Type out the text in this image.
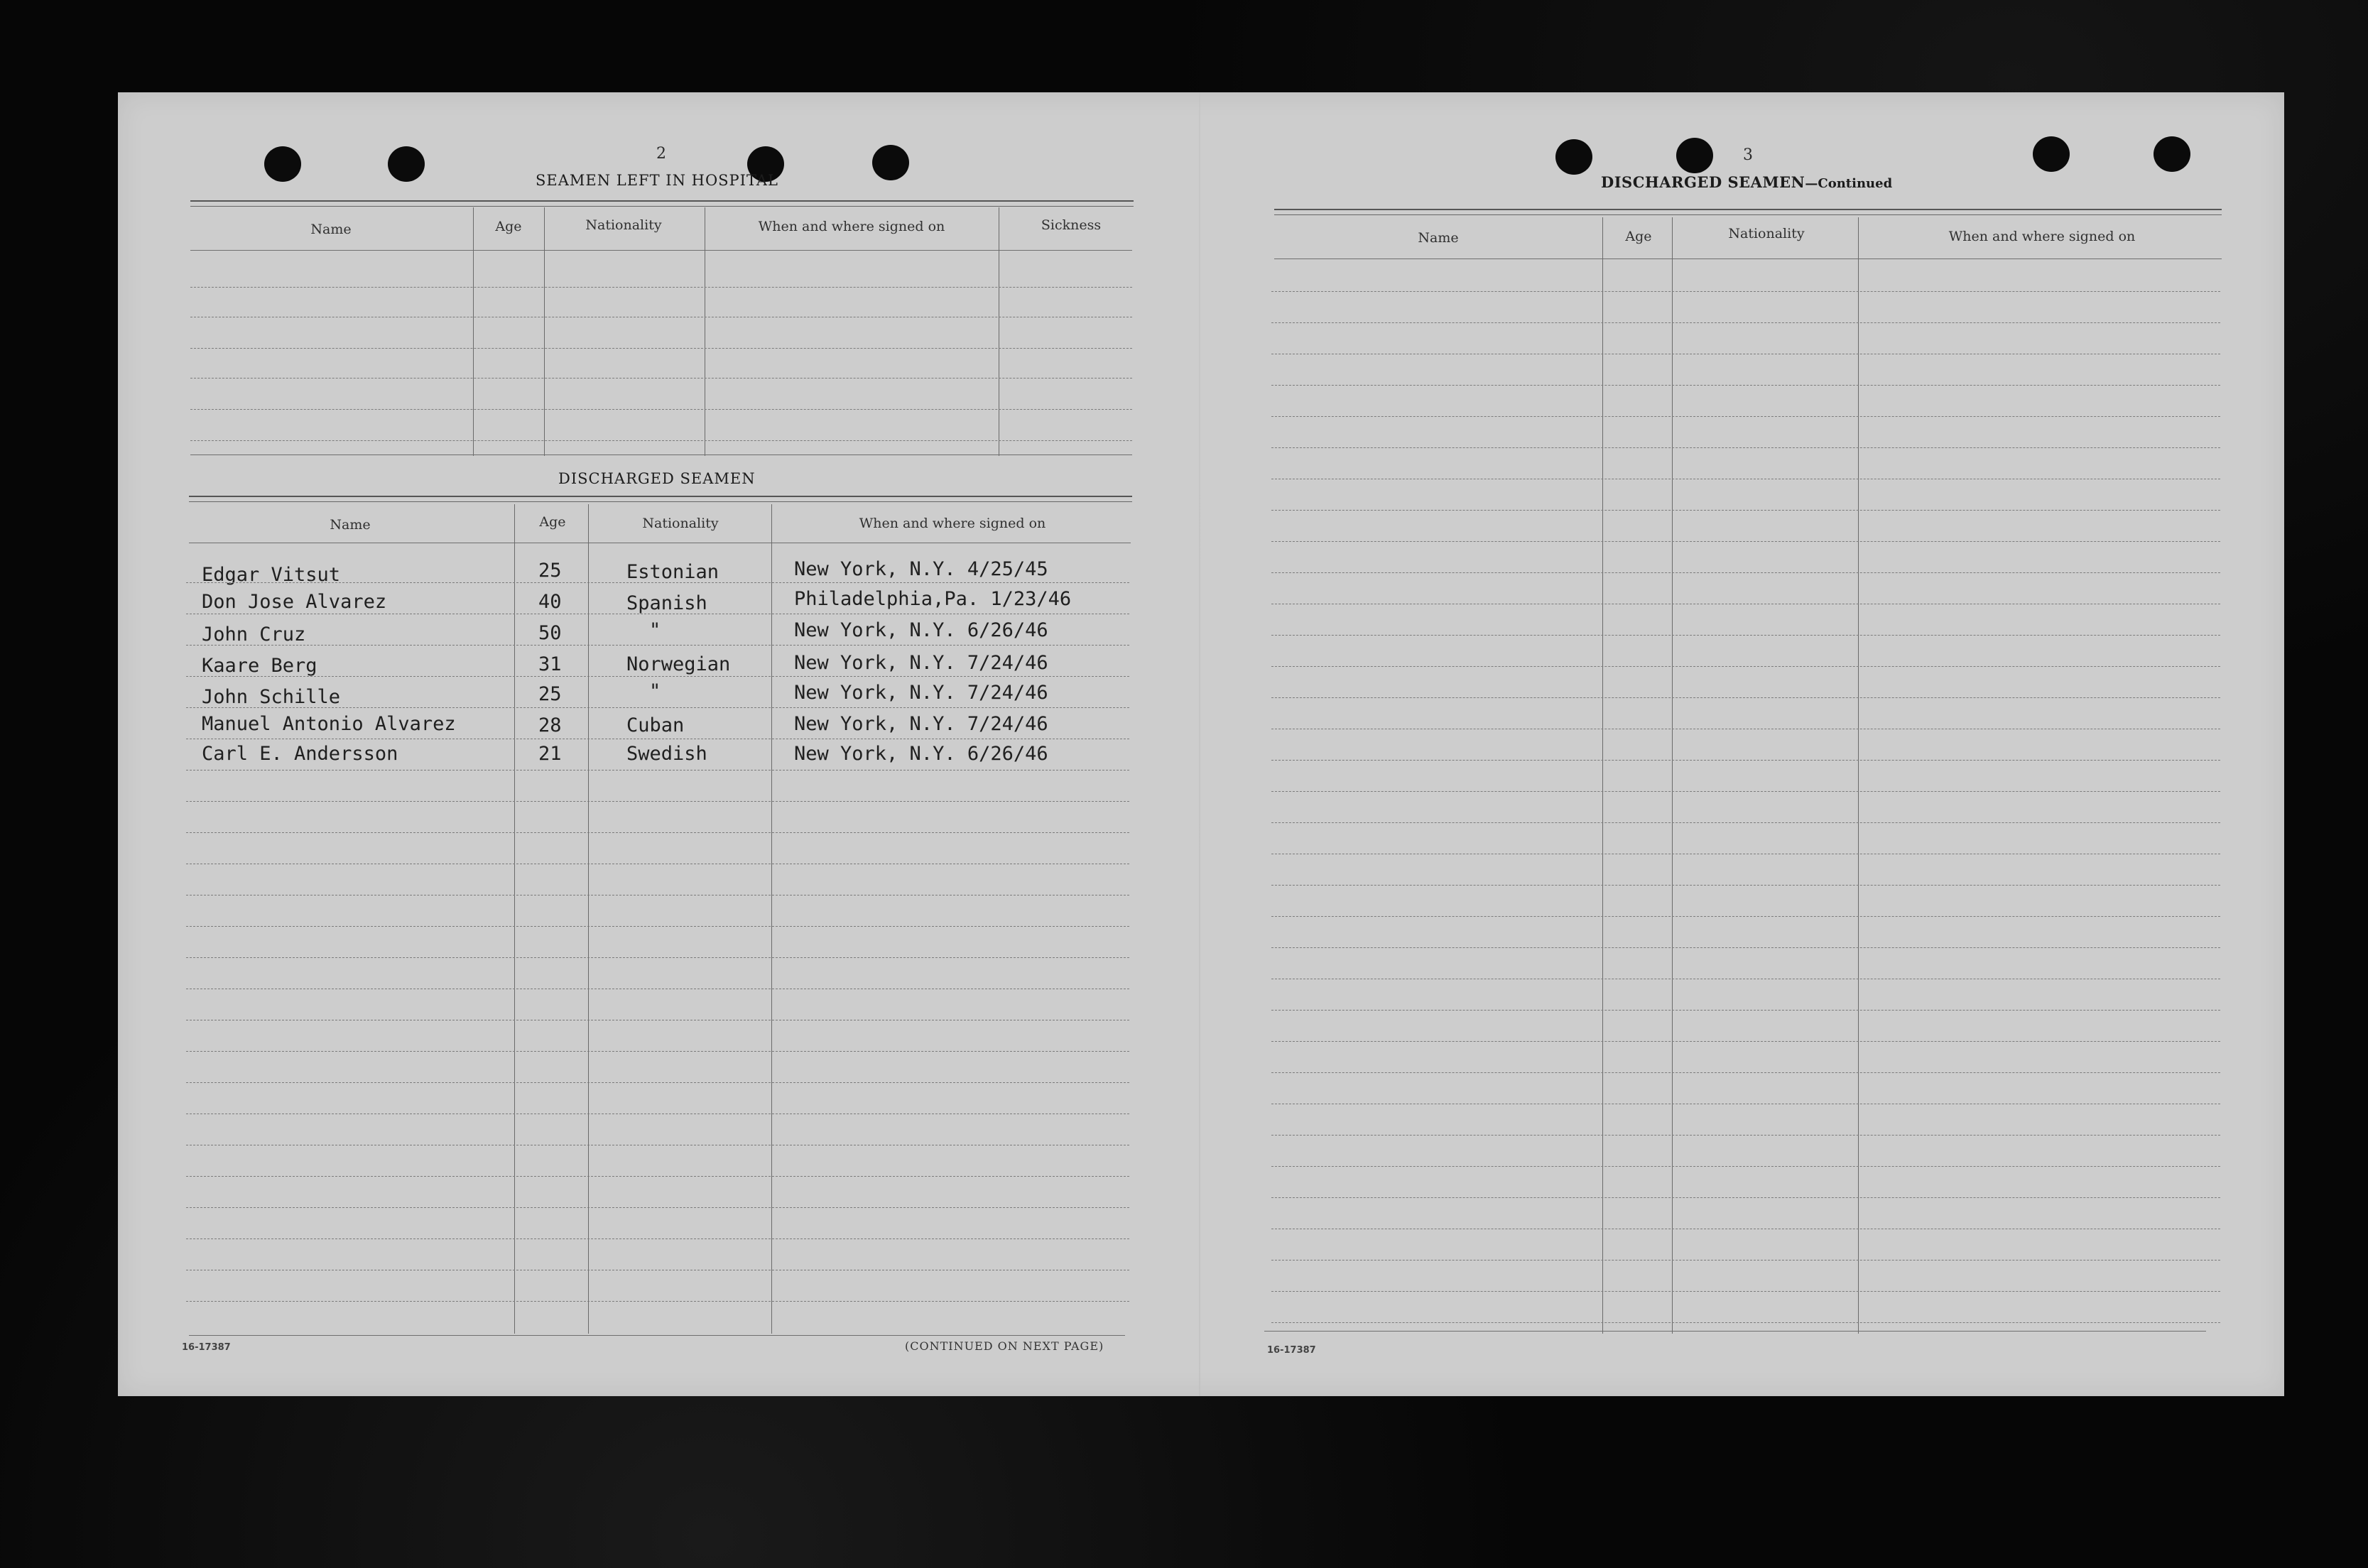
2
SEAMEN LEFT IN HOSPITAL
Name	Age	Nationality	When and where signed on	Sickness
DISCHARGED SEAMEN
Name	Age	Nationality	When and where signed on
Edgar Vitsut	25	Estonian	New York, N.Y. 4/25/45
Don Jose Alvarez	40	Spanish	Philadelphia,Pa. 1/23/46
John Cruz	50	"	New York, N.Y. 6/26/46
Kaare Berg	31	Norwegian	New York, N.Y. 7/24/46
John Schille	25	"	New York, N.Y. 7/24/46
Manuel Antonio Alvarez	28	Cuban	New York, N.Y. 7/24/46
Carl E. Andersson	21	Swedish	New York, N.Y. 6/26/46
16-17387	(CONTINUED ON NEXT PAGE)
3
DISCHARGED SEAMEN—Continued
Name	Age	Nationality	When and where signed on
16-17387
